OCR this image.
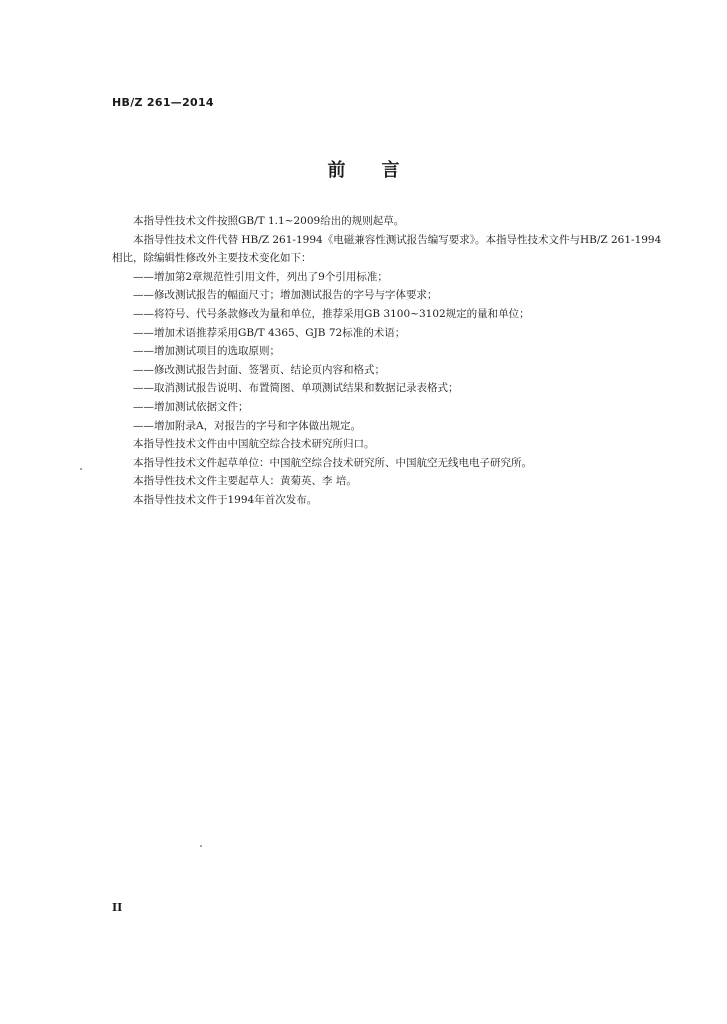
HB/Z 261—2014
前 言

本指导性技术文件按照GB/T 1.1~2009给出的规则起草。

本指导性技术文件代替 HB/Z 261-1994《电磁兼容性测试报告编写要求》。本指导性技术文件与HB/Z 261-1994相比，除编辑性修改外主要技术变化如下：

——增加第2章规范性引用文件，列出了9个引用标准；

——修改测试报告的幅面尺寸；增加测试报告的字号与字体要求；

——将符号、代号条款修改为量和单位，推荐采用GB 3100~3102规定的量和单位；

——增加术语推荐采用GB/T 4365、GJB 72标准的术语；

——增加测试项目的选取原则；

——修改测试报告封面、签署页、结论页内容和格式；

——取消测试报告说明、布置简图、单项测试结果和数据记录表格式；

——增加测试依据文件；

——增加附录A，对报告的字号和字体做出规定。

本指导性技术文件由中国航空综合技术研究所归口。

本指导性技术文件起草单位：中国航空综合技术研究所、中国航空无线电电子研究所。

本指导性技术文件主要起草人：黄菊英、李 培。

本指导性技术文件于1994年首次发布。

II
